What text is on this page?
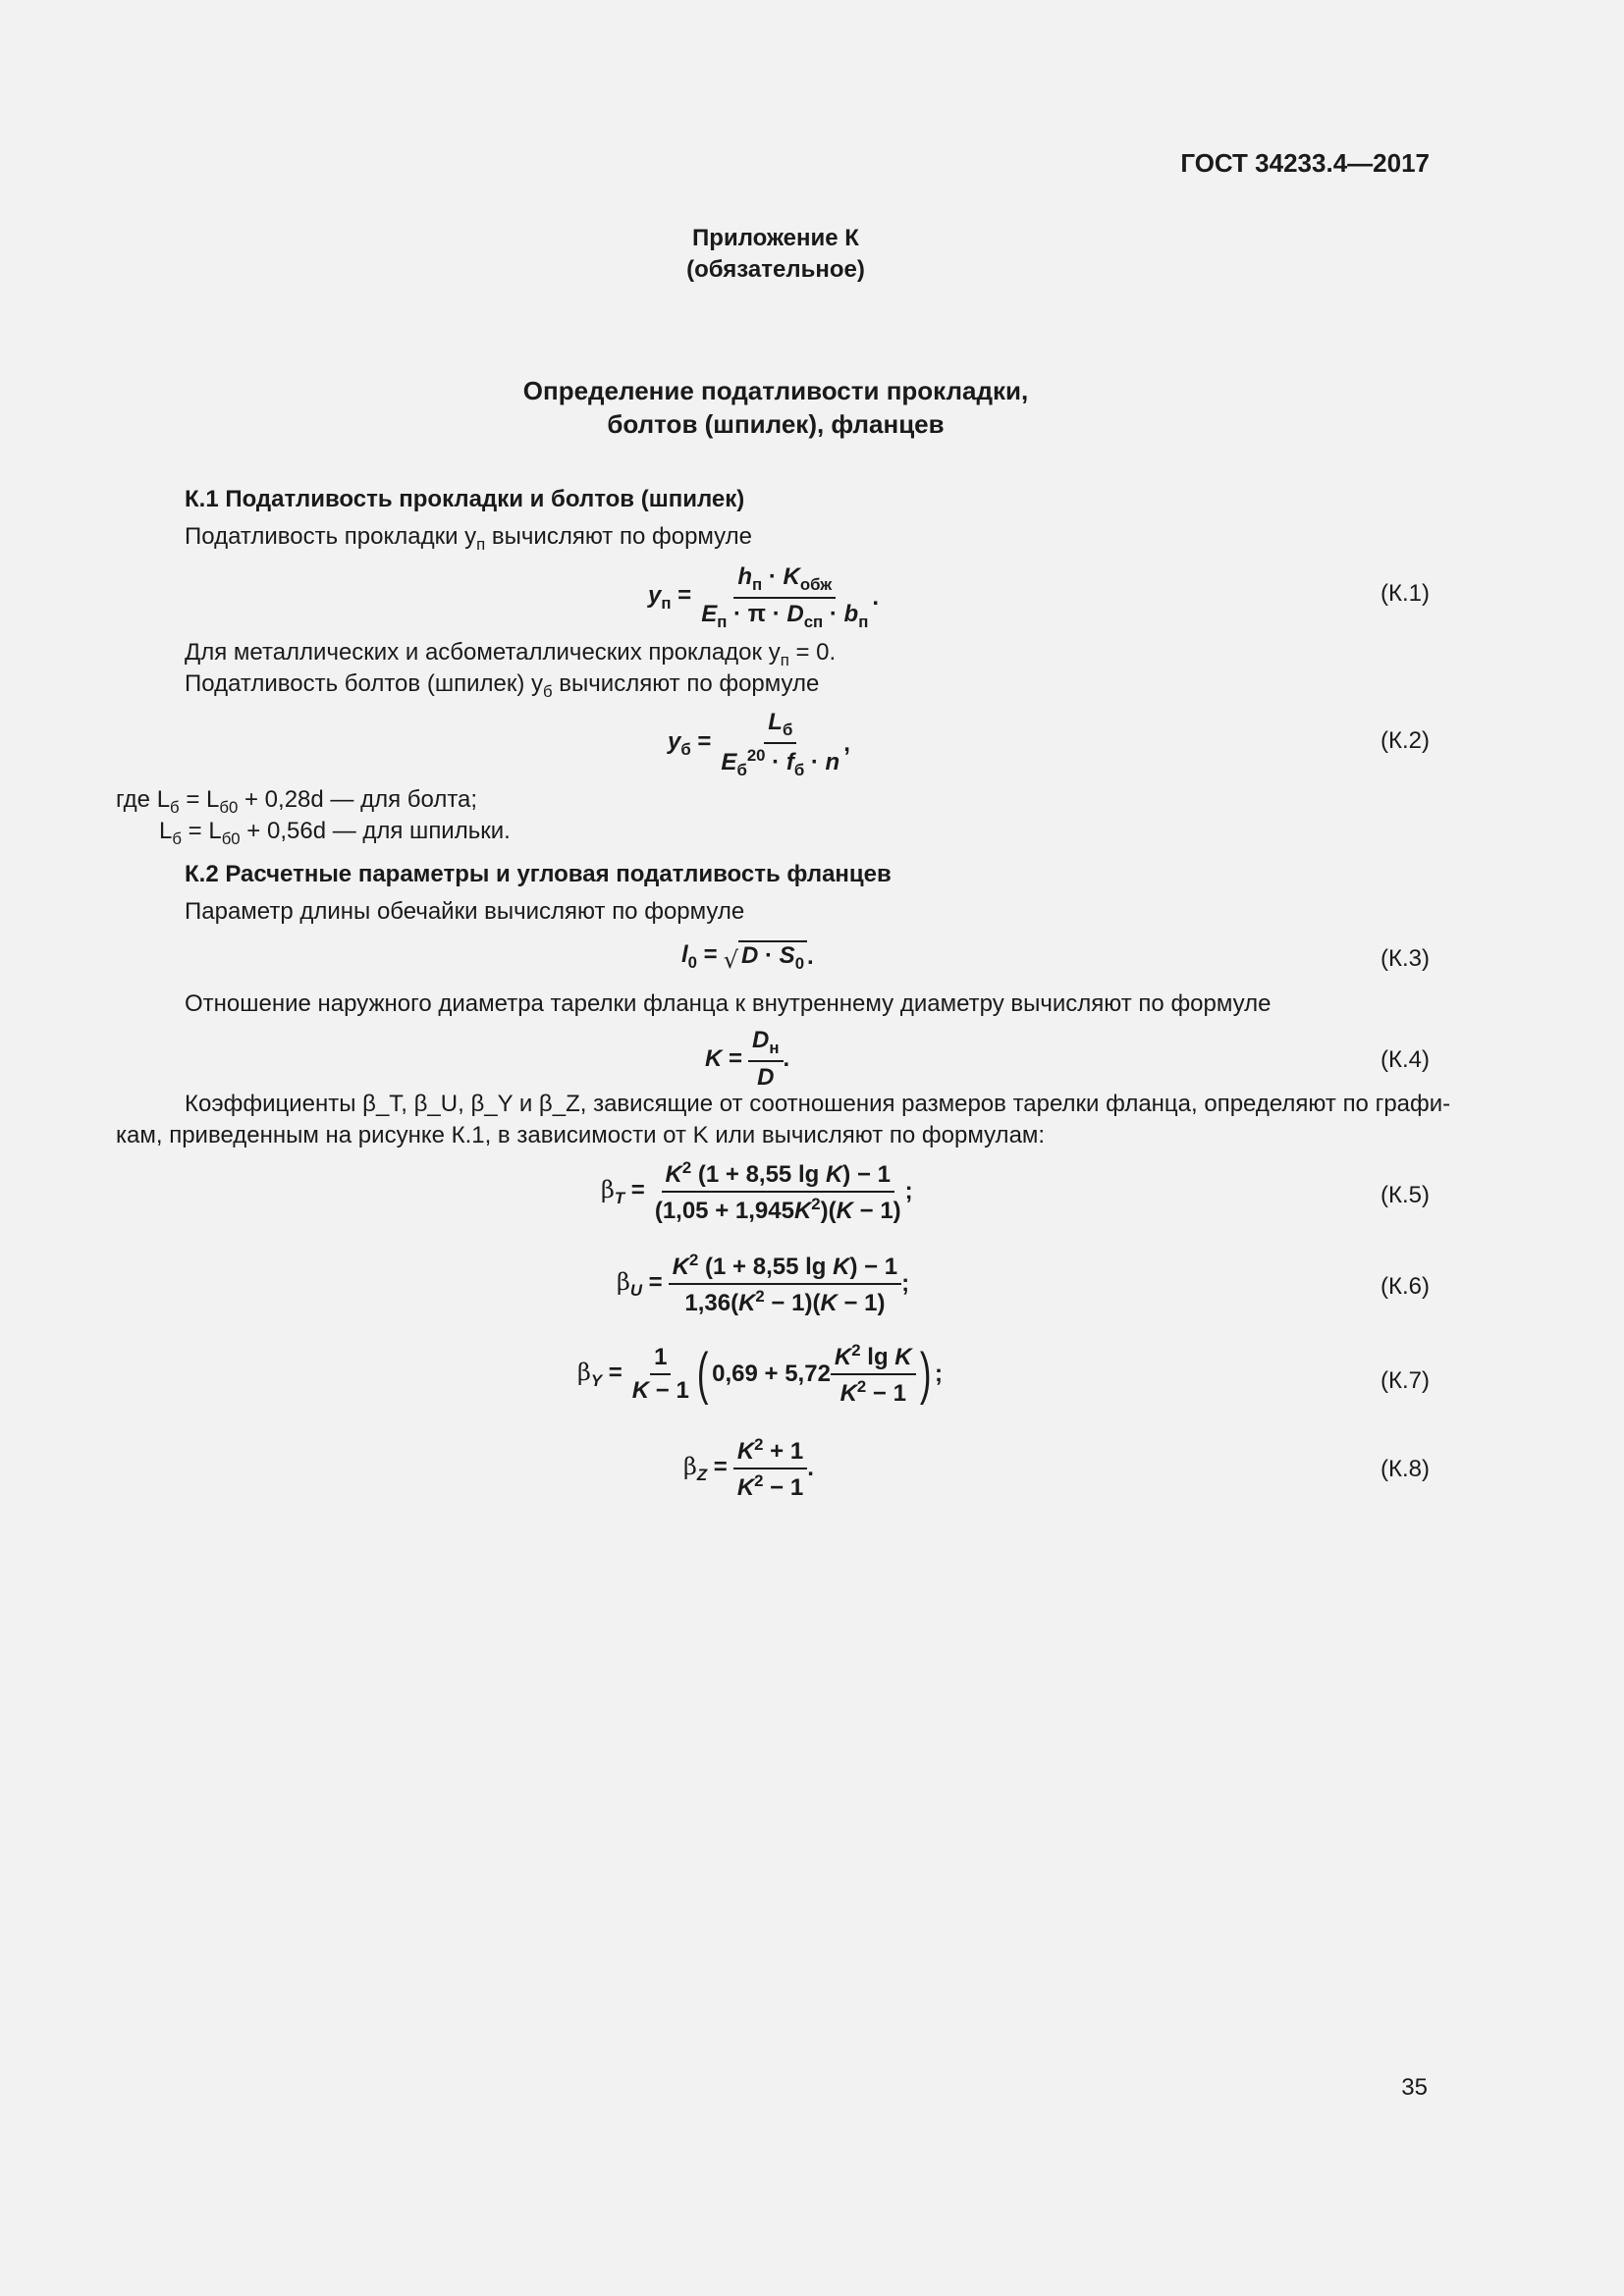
ГОСТ 34233.4—2017
Приложение К
(обязательное)
Определение податливости прокладки,
болтов (шпилек), фланцев
К.1 Податливость прокладки и болтов (шпилек)
Податливость прокладки $y_п$ вычисляют по формуле
$y_п = \frac{h_п \cdot K_{обж}}{E_п \cdot \pi \cdot D_{сп} \cdot b_п}$ .	(К.1)
Для металлических и асбометаллических прокладок $y_п = 0$.
Податливость болтов (шпилек) $y_б$ вычисляют по формуле
$y_б = \frac{L_б}{E_б^{20} \cdot f_б \cdot n}$ ,	(К.2)
где $L_б = L_{б0} + 0,28d$ — для болта;
$L_б = L_{б0} + 0,56d$ — для шпильки.
К.2 Расчетные параметры и угловая податливость фланцев
Параметр длины обечайки вычисляют по формуле
$l_0$ = √ $D \cdot S_0$ .	(К.3)
Отношение наружного диаметра тарелки фланца к внутреннему диаметру вычисляют по формуле
$K = \frac{D_н}{D}$ .	(К.4)
Коэффициенты β_T, β_U, β_Y и β_Z, зависящие от соотношения размеров тарелки фланца, определяют по графи-
кам, приведенным на рисунке К.1, в зависимости от K или вычисляют по формулам:
$\beta_T = \frac{K^2 (1 + 8,55 \lg K) - 1}{(1,05 + 1,945K^2)(K - 1)}$ ;	(К.5)
$\beta_U = \frac{K^2 (1 + 8,55 \lg K) - 1}{1,36(K^2 - 1)(K - 1)}$ ;	(К.6)
$\beta_Y = \frac{1}{K - 1}$ ( $0,69 + 5,72 \frac{K^2 \lg K}{K^2 - 1}$ ) ;	(К.7)
$\beta_Z = \frac{K^2 + 1}{K^2 - 1}$ .	(К.8)
35
